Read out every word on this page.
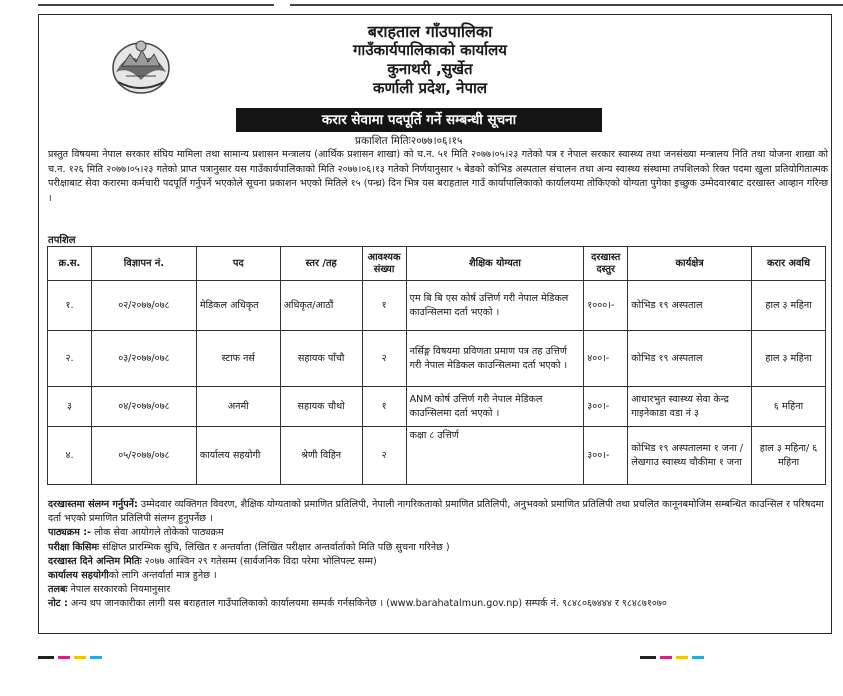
बराहताल गाँउपालिका
गाउँकार्यपालिकाको कार्यालय
कुनाथरी ,सुर्खेत
कर्णाली प्रदेश, नेपाल
करार सेवामा पदपूर्ति गर्ने सम्बन्धी सूचना
प्रकाशित मितिः२०७७।०६।१५
प्रस्तुत विषयमा नेपाल सरकार संघिय मामिला तथा सामान्य प्रशासन मन्त्रालय (आर्थिक प्रशासन शाखा) को च.न. ५१ मिति २०७७।०५।२३ गतेको पत्र र नेपाल सरकार स्वास्थ्य तथा जनसंख्या मन्त्रालय निति तथा योजना शाखा को च.न. १२६ मिति २०७७।०५।२३ गतेको प्राप्त पत्रानुसार यस गाउँकार्यपालिकाको मिति २०७७।०६।१३ गतेको निर्णयानुसार ५ बेडको कोभिड अस्पताल संचालन तथा अन्य स्वास्थ्य संस्थामा तपशिलको रिक्त पदमा खुला प्रतियोगितात्मक परीक्षाबाट सेवा करारमा कर्मचारी पदपूर्ति गर्नुपर्ने भएकोले सूचना प्रकाशन भएको मितिले १५ (पन्ध्र) दिन भित्र यस बराहताल गाउँ कार्यापालिकाको कार्यालयमा तोकिएको योग्यता पुगेका इच्छुक उम्मेदवारबाट दरखास्त आव्हान गरिन्छ ।
तपशिल
क्र.स.	विज्ञापन नं.	पद	स्तर /तह	आवश्यक संख्या	शैक्षिक योग्यता	दरखास्त दस्तुर	कार्यक्षेत्र	करार अवधि
१.	०२/२०७७/०७८	मेडिकल अधिकृत	अधिकृत/आठौं	१	एम बि बि एस कोर्ष उत्तिर्ण गरी नेपाल मेडिकल काउन्सिलमा दर्ता भएको ।	१०००।-	कोभिड १९ अस्पताल	हाल ३ महिना
२.	०३/२०७७/०७८	स्टाफ नर्स	सहायक पाँचौ	२	नर्सिङ्ग विषयमा प्रविणता प्रमाण पत्र तह उत्तिर्ण गरी नेपाल मेडिकल काउन्सिलमा दर्ता भएको ।	४००।-	कोभिड १९ अस्पताल	हाल ३ महिना
३	०४/२०७७/०७८	अनमी	सहायक चौथो	१	ANM कोर्ष उत्तिर्ण गरी नेपाल मेडिकल काउन्सिलमा दर्ता भएको ।	३००।-	आधारभुत स्वास्थ्य सेवा केन्द्र गाइनेकाडा वडा नं ३	६ महिना
४.	०५/२०७७/०७८	कार्यालय सहयोगी	श्रेणी विहिन	२	कक्षा ८ उत्तिर्ण	३००।-	कोभिड १९ अस्पतालमा १ जना / लेखगाउ स्वास्थ्य चौकीमा १ जना	हाल ३ महिना/ ६ महिना

दरखास्तमा संलग्न गर्नुपर्ने: उम्मेदवार व्यक्तिगत विवरण, शैक्षिक योग्यताको प्रमाणित प्रतिलिपी, नेपाली नागरिकताको प्रमाणित प्रतिलिपी, अनुभवको प्रमाणित प्रतिलिपी तथा प्रचलित कानूनबमोजिम सम्बन्धित काउन्सिल र परिषदमा दर्ता भएको प्रमाणित प्रतिलिपी संलग्न हुनुपर्नेछ ।

पाठ्यक्रम :- लोक सेवा आयोगले तोकेको पाठ्यक्रम

परीक्षा किसिमः संक्षिप्त प्रारम्भिक सुचि, लिखित र अन्तर्वाता (लिखित परीक्षार अन्तर्वार्ताको मिति पछि सुचना गरिनेछ )

दरखास्त दिने अन्तिम मितिः २०७७ आश्विन २९ गतेसम्म (सार्वजनिक विदा परेमा भोलिपल्ट सम्म)

कार्यालय सहयोगीको लागि अन्तर्वार्ता मात्र हुनेछ ।

तलबः नेपाल सरकारको नियमानुसार

नोट : अन्य थप जानकारीका लागी यस बराहताल गाउँपालिकाको कार्यालयमा सम्पर्क गर्नसकिनेछ । (www.barahatalmun.gov.np) सम्पर्क नं. ९८४८०६७४४४ र ९८४८७१०७०
